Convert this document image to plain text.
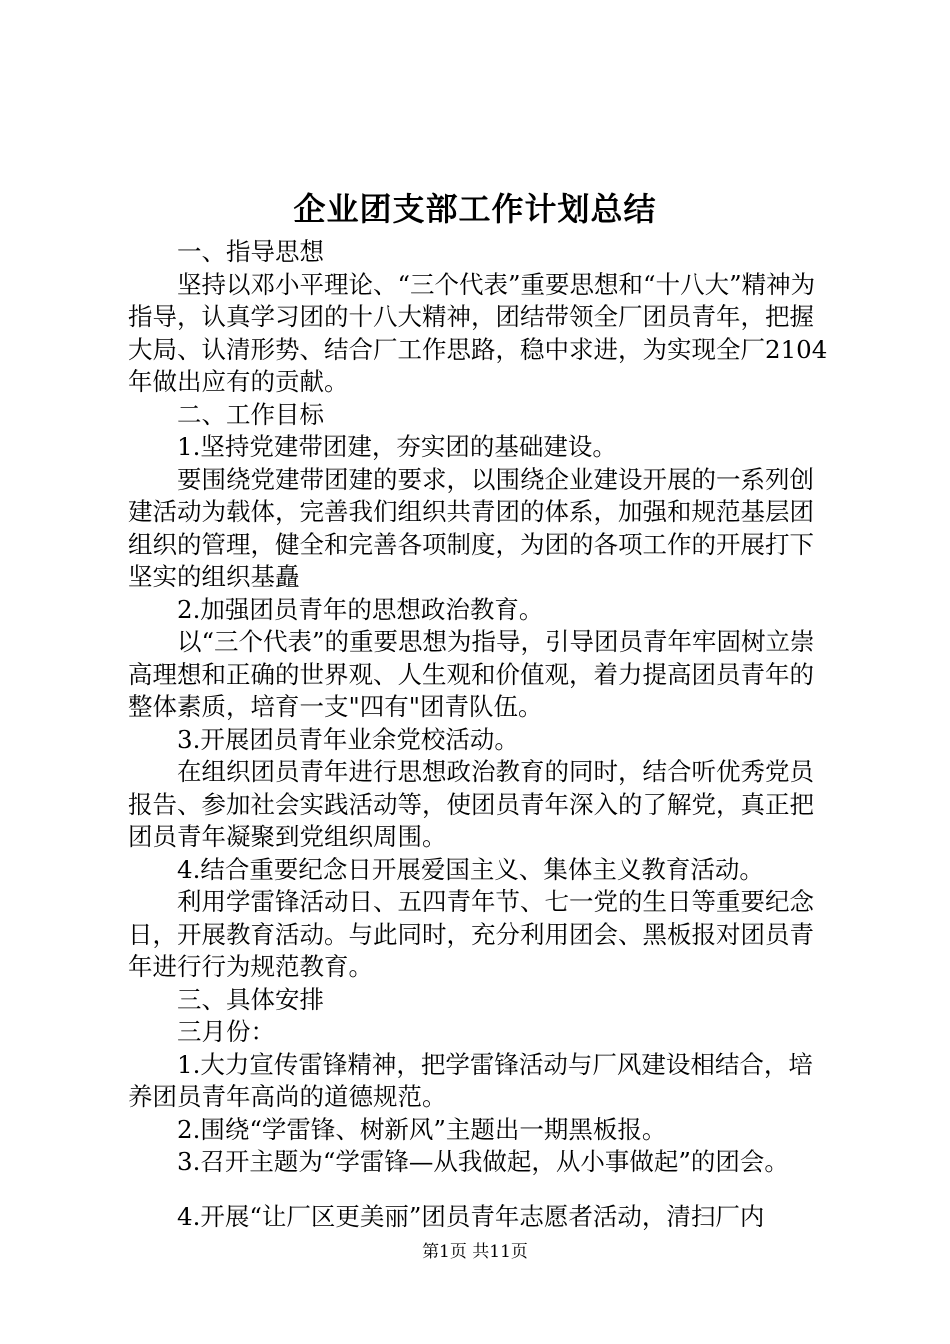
企业团支部工作计划总结

一、指导思想

坚持以邓小平理论、“三个代表”重要思想和“十八大”精神为指导，认真学习团的十八大精神，团结带领全厂团员青年，把握大局、认清形势、结合厂工作思路，稳中求进，为实现全厂2104年做出应有的贡献。

二、工作目标

1.坚持党建带团建，夯实团的基础建设。

要围绕党建带团建的要求，以围绕企业建设开展的一系列创建活动为载体，完善我们组织共青团的体系，加强和规范基层团组织的管理，健全和完善各项制度，为团的各项工作的开展打下坚实的组织基矗

2.加强团员青年的思想政治教育。

以“三个代表”的重要思想为指导，引导团员青年牢固树立崇高理想和正确的世界观、人生观和价值观，着力提高团员青年的整体素质，培育一支"四有"团青队伍。

3.开展团员青年业余党校活动。

在组织团员青年进行思想政治教育的同时，结合听优秀党员报告、参加社会实践活动等，使团员青年深入的了解党，真正把团员青年凝聚到党组织周围。

4.结合重要纪念日开展爱国主义、集体主义教育活动。

利用学雷锋活动日、五四青年节、七一党的生日等重要纪念日，开展教育活动。与此同时，充分利用团会、黑板报对团员青年进行行为规范教育。

三、具体安排

三月份：

1.大力宣传雷锋精神，把学雷锋活动与厂风建设相结合，培养团员青年高尚的道德规范。

2.围绕“学雷锋、树新风”主题出一期黑板报。

3.召开主题为“学雷锋—从我做起，从小事做起”的团会。

4.开展“让厂区更美丽”团员青年志愿者活动，清扫厂内

第1页 共11页
